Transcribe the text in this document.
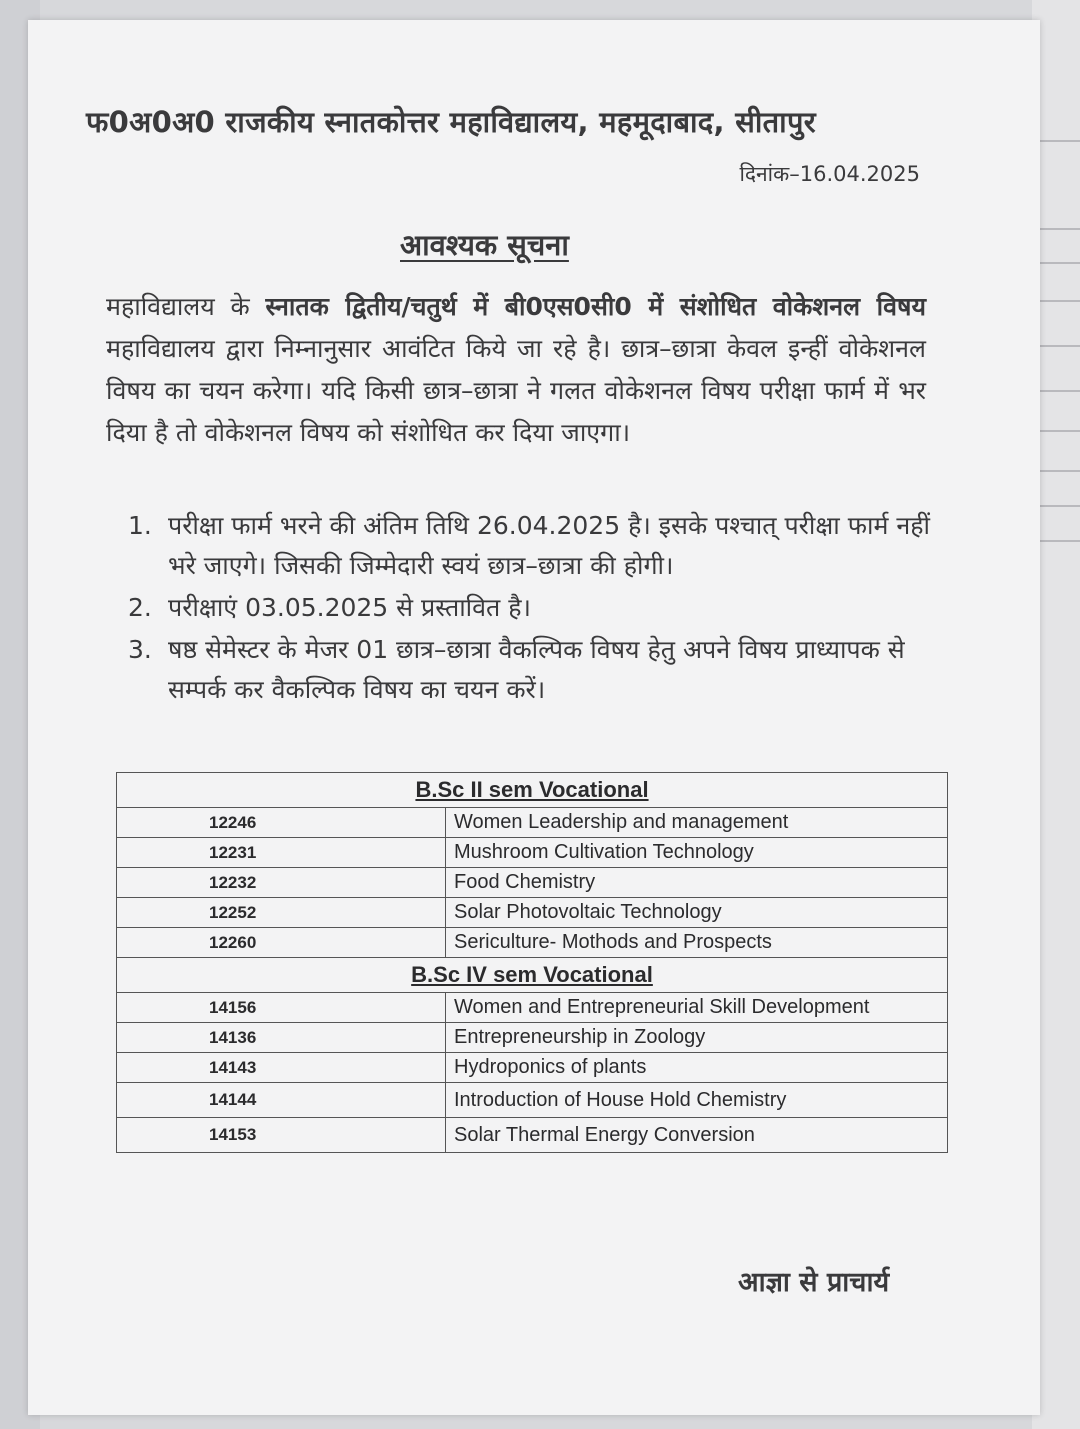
फ0अ0अ0 राजकीय स्नातकोत्तर महाविद्यालय, महमूदाबाद, सीतापुर
दिनांक–16.04.2025
आवश्यक सूचना
महाविद्यालय के स्नातक द्वितीय/चतुर्थ में बी0एस0सी0 में संशोधित वोकेशनल विषय महाविद्यालय द्वारा निम्नानुसार आवंटित किये जा रहे है। छात्र–छात्रा केवल इन्हीं वोकेशनल विषय का चयन करेगा। यदि किसी छात्र–छात्रा ने गलत वोकेशनल विषय परीक्षा फार्म में भर दिया है तो वोकेशनल विषय को संशोधित कर दिया जाएगा।
1. परीक्षा फार्म भरने की अंतिम तिथि 26.04.2025 है। इसके पश्चात् परीक्षा फार्म नहीं भरे जाएगे। जिसकी जिम्मेदारी स्वयं छात्र–छात्रा की होगी।
2. परीक्षाएं 03.05.2025 से प्रस्तावित है।
3. षष्ठ सेमेस्टर के मेजर 01 छात्र–छात्रा वैकल्पिक विषय हेतु अपने विषय प्राध्यापक से सम्पर्क कर वैकल्पिक विषय का चयन करें।
B.Sc II sem Vocational	
12246	Women Leadership and management
12231	Mushroom Cultivation Technology
12232	Food Chemistry
12252	Solar Photovoltaic Technology
12260	Sericulture- Mothods and Prospects
B.Sc IV sem Vocational	
14156	Women and Entrepreneurial Skill Development
14136	Entrepreneurship in Zoology
14143	Hydroponics of plants
14144	Introduction of House Hold Chemistry
14153	Solar Thermal Energy Conversion
आज्ञा से प्राचार्य
